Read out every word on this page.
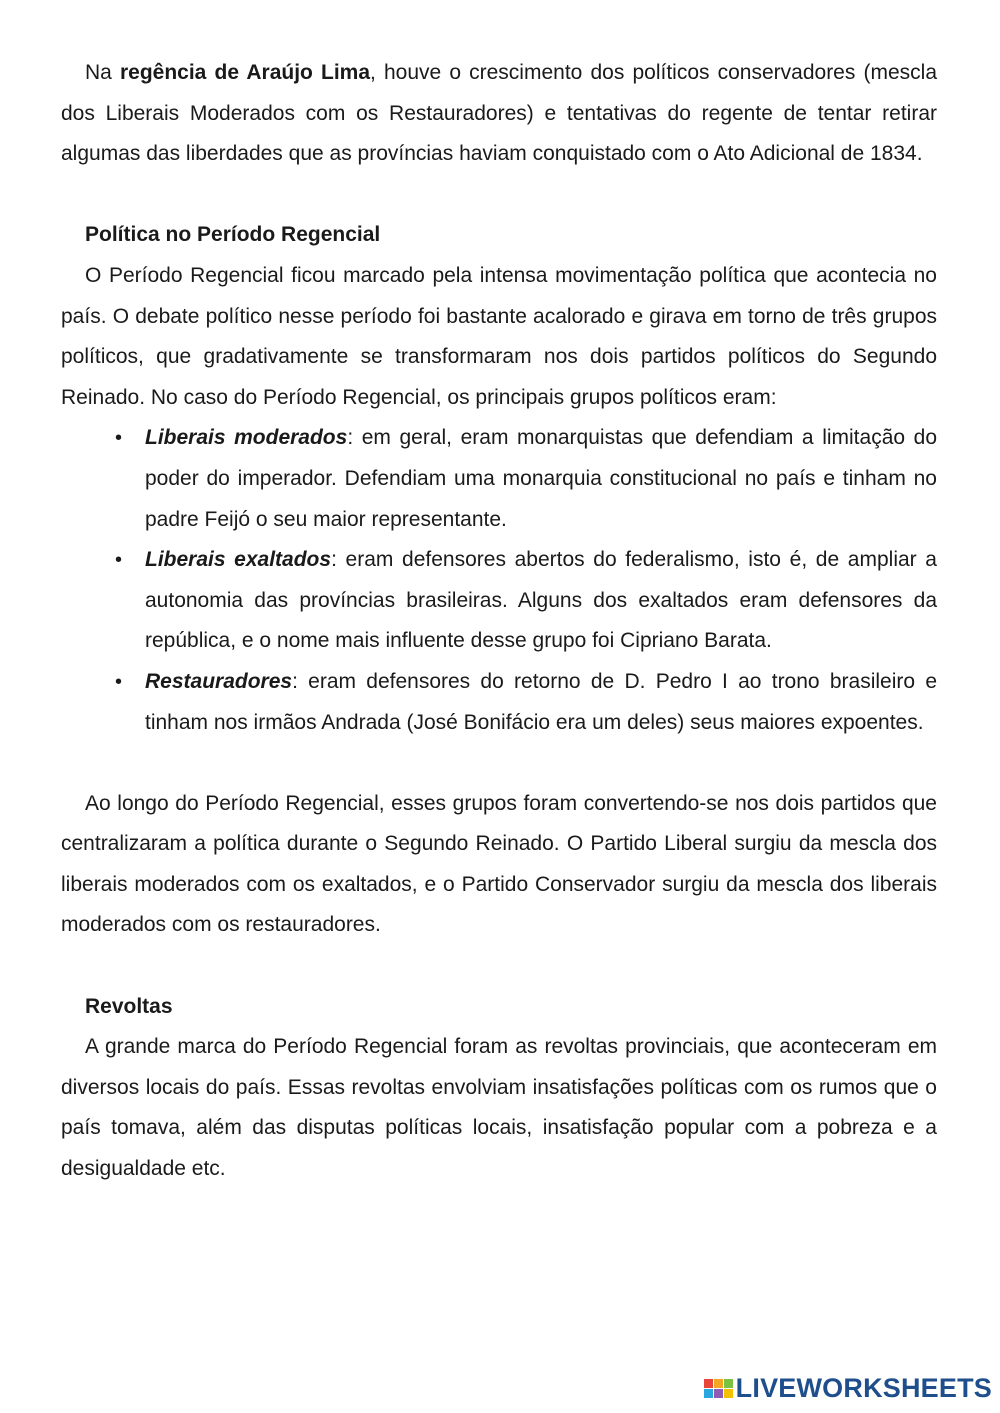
Na regência de Araújo Lima, houve o crescimento dos políticos conservadores (mescla dos Liberais Moderados com os Restauradores) e tentativas do regente de tentar retirar algumas das liberdades que as províncias haviam conquistado com o Ato Adicional de 1834.

Política no Período Regencial

O Período Regencial ficou marcado pela intensa movimentação política que acontecia no país. O debate político nesse período foi bastante acalorado e girava em torno de três grupos políticos, que gradativamente se transformaram nos dois partidos políticos do Segundo Reinado. No caso do Período Regencial, os principais grupos políticos eram:

• Liberais moderados: em geral, eram monarquistas que defendiam a limitação do poder do imperador. Defendiam uma monarquia constitucional no país e tinham no padre Feijó o seu maior representante.
• Liberais exaltados: eram defensores abertos do federalismo, isto é, de ampliar a autonomia das províncias brasileiras. Alguns dos exaltados eram defensores da república, e o nome mais influente desse grupo foi Cipriano Barata.
• Restauradores: eram defensores do retorno de D. Pedro I ao trono brasileiro e tinham nos irmãos Andrada (José Bonifácio era um deles) seus maiores expoentes.

Ao longo do Período Regencial, esses grupos foram convertendo-se nos dois partidos que centralizaram a política durante o Segundo Reinado. O Partido Liberal surgiu da mescla dos liberais moderados com os exaltados, e o Partido Conservador surgiu da mescla dos liberais moderados com os restauradores.

Revoltas

A grande marca do Período Regencial foram as revoltas provinciais, que aconteceram em diversos locais do país. Essas revoltas envolviam insatisfações políticas com os rumos que o país tomava, além das disputas políticas locais, insatisfação popular com a pobreza e a desigualdade etc.

LIVEWORKSHEETS
